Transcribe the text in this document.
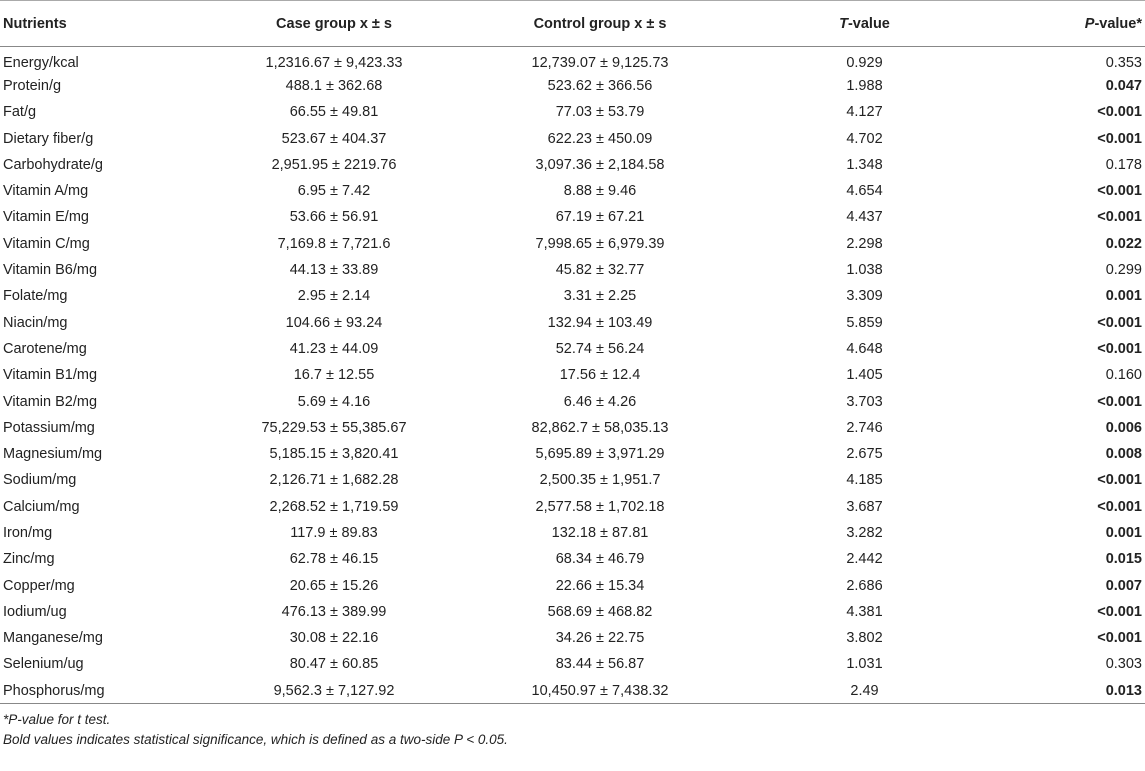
Nutrients	Case group x ± s	Control group x ± s	T-value	P-value*
Energy/kcal	1,2316.67 ± 9,423.33	12,739.07 ± 9,125.73	0.929	0.353
Protein/g	488.1 ± 362.68	523.62 ± 366.56	1.988	0.047
Fat/g	66.55 ± 49.81	77.03 ± 53.79	4.127	<0.001
Dietary fiber/g	523.67 ± 404.37	622.23 ± 450.09	4.702	<0.001
Carbohydrate/g	2,951.95 ± 2219.76	3,097.36 ± 2,184.58	1.348	0.178
Vitamin A/mg	6.95 ± 7.42	8.88 ± 9.46	4.654	<0.001
Vitamin E/mg	53.66 ± 56.91	67.19 ± 67.21	4.437	<0.001
Vitamin C/mg	7,169.8 ± 7,721.6	7,998.65 ± 6,979.39	2.298	0.022
Vitamin B6/mg	44.13 ± 33.89	45.82 ± 32.77	1.038	0.299
Folate/mg	2.95 ± 2.14	3.31 ± 2.25	3.309	0.001
Niacin/mg	104.66 ± 93.24	132.94 ± 103.49	5.859	<0.001
Carotene/mg	41.23 ± 44.09	52.74 ± 56.24	4.648	<0.001
Vitamin B1/mg	16.7 ± 12.55	17.56 ± 12.4	1.405	0.160
Vitamin B2/mg	5.69 ± 4.16	6.46 ± 4.26	3.703	<0.001
Potassium/mg	75,229.53 ± 55,385.67	82,862.7 ± 58,035.13	2.746	0.006
Magnesium/mg	5,185.15 ± 3,820.41	5,695.89 ± 3,971.29	2.675	0.008
Sodium/mg	2,126.71 ± 1,682.28	2,500.35 ± 1,951.7	4.185	<0.001
Calcium/mg	2,268.52 ± 1,719.59	2,577.58 ± 1,702.18	3.687	<0.001
Iron/mg	117.9 ± 89.83	132.18 ± 87.81	3.282	0.001
Zinc/mg	62.78 ± 46.15	68.34 ± 46.79	2.442	0.015
Copper/mg	20.65 ± 15.26	22.66 ± 15.34	2.686	0.007
Iodium/ug	476.13 ± 389.99	568.69 ± 468.82	4.381	<0.001
Manganese/mg	30.08 ± 22.16	34.26 ± 22.75	3.802	<0.001
Selenium/ug	80.47 ± 60.85	83.44 ± 56.87	1.031	0.303
Phosphorus/mg	9,562.3 ± 7,127.92	10,450.97 ± 7,438.32	2.49	0.013
*P-value for t test.
Bold values indicates statistical significance, which is defined as a two-side P < 0.05.
